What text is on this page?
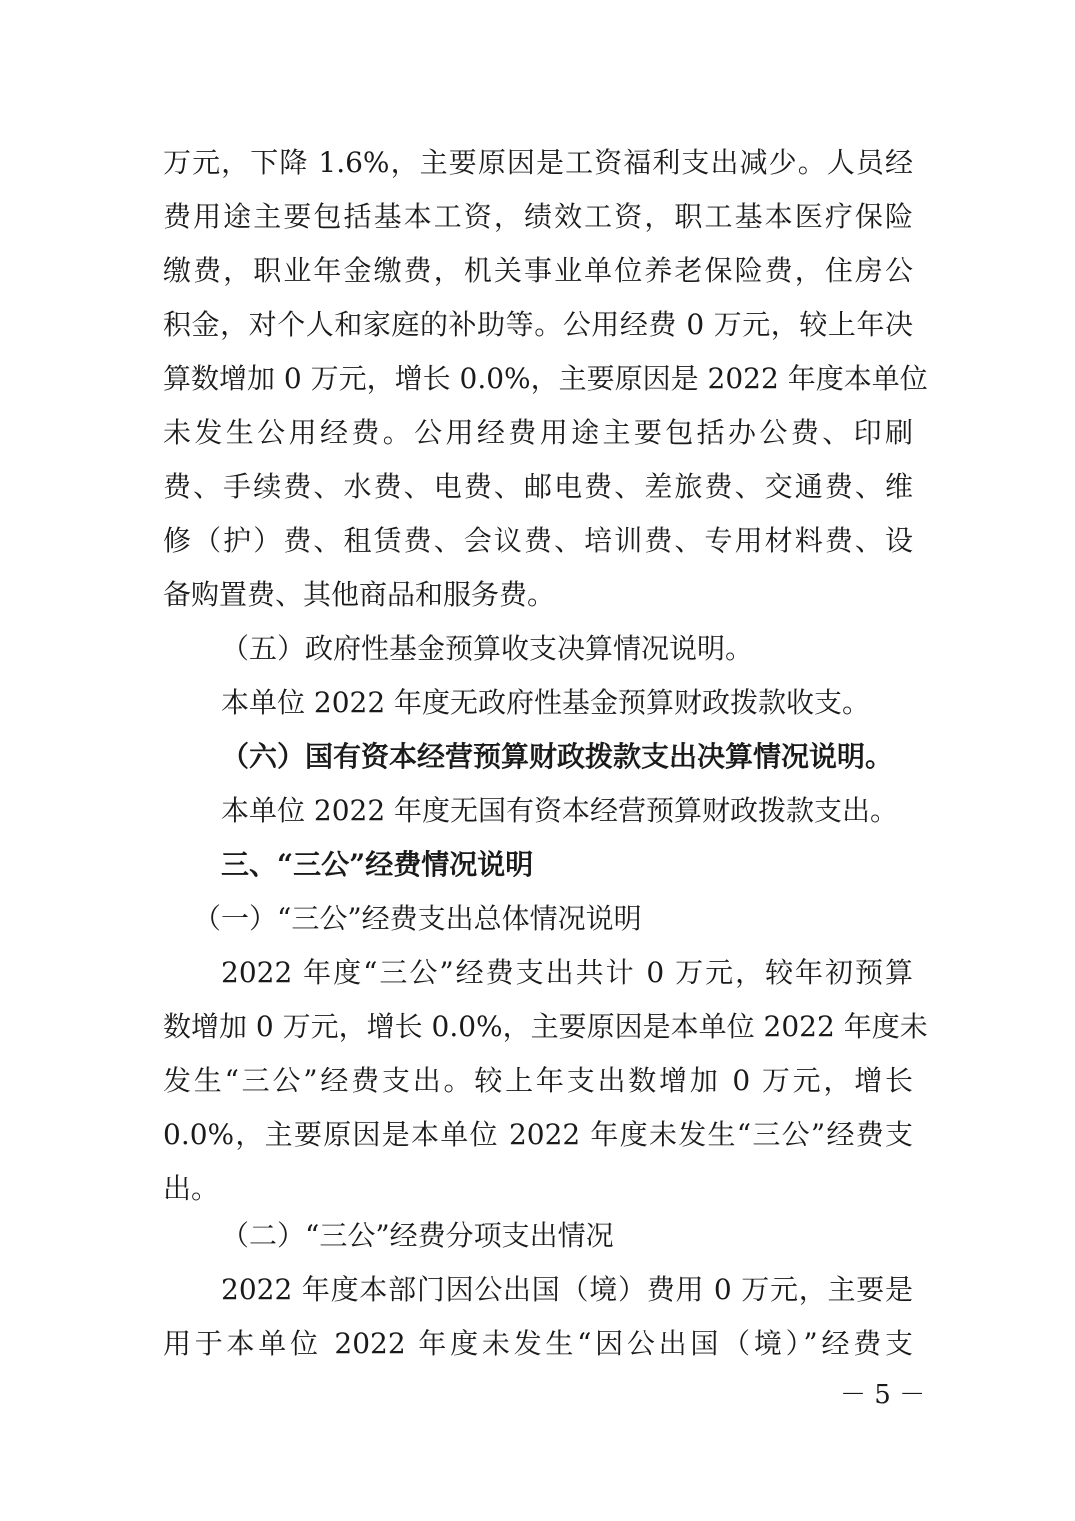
万元，下降 1.6%，主要原因是工资福利支出减少。人员经
费用途主要包括基本工资，绩效工资，职工基本医疗保险
缴费，职业年金缴费，机关事业单位养老保险费，住房公
积金，对个人和家庭的补助等。公用经费 0 万元，较上年决
算数增加 0 万元，增长 0.0%，主要原因是 2022 年度本单位
未发生公用经费。公用经费用途主要包括办公费、印刷
费、手续费、水费、电费、邮电费、差旅费、交通费、维
修（护）费、租赁费、会议费、培训费、专用材料费、设
备购置费、其他商品和服务费。
（五）政府性基金预算收支决算情况说明。
本单位 2022 年度无政府性基金预算财政拨款收支。
（六）国有资本经营预算财政拨款支出决算情况说明。
本单位 2022 年度无国有资本经营预算财政拨款支出。
三、“三公”经费情况说明
（一）“三公”经费支出总体情况说明
2022 年度“三公”经费支出共计 0 万元，较年初预算
数增加 0 万元，增长 0.0%，主要原因是本单位 2022 年度未
发生“三公”经费支出。较上年支出数增加 0 万元，增长
0.0%，主要原因是本单位 2022 年度未发生“三公”经费支
出。
（二）“三公”经费分项支出情况
2022 年度本部门因公出国（境）费用 0 万元，主要是
用于本单位 2022 年度未发生“因公出国（境）”经费支
－ 5 －
